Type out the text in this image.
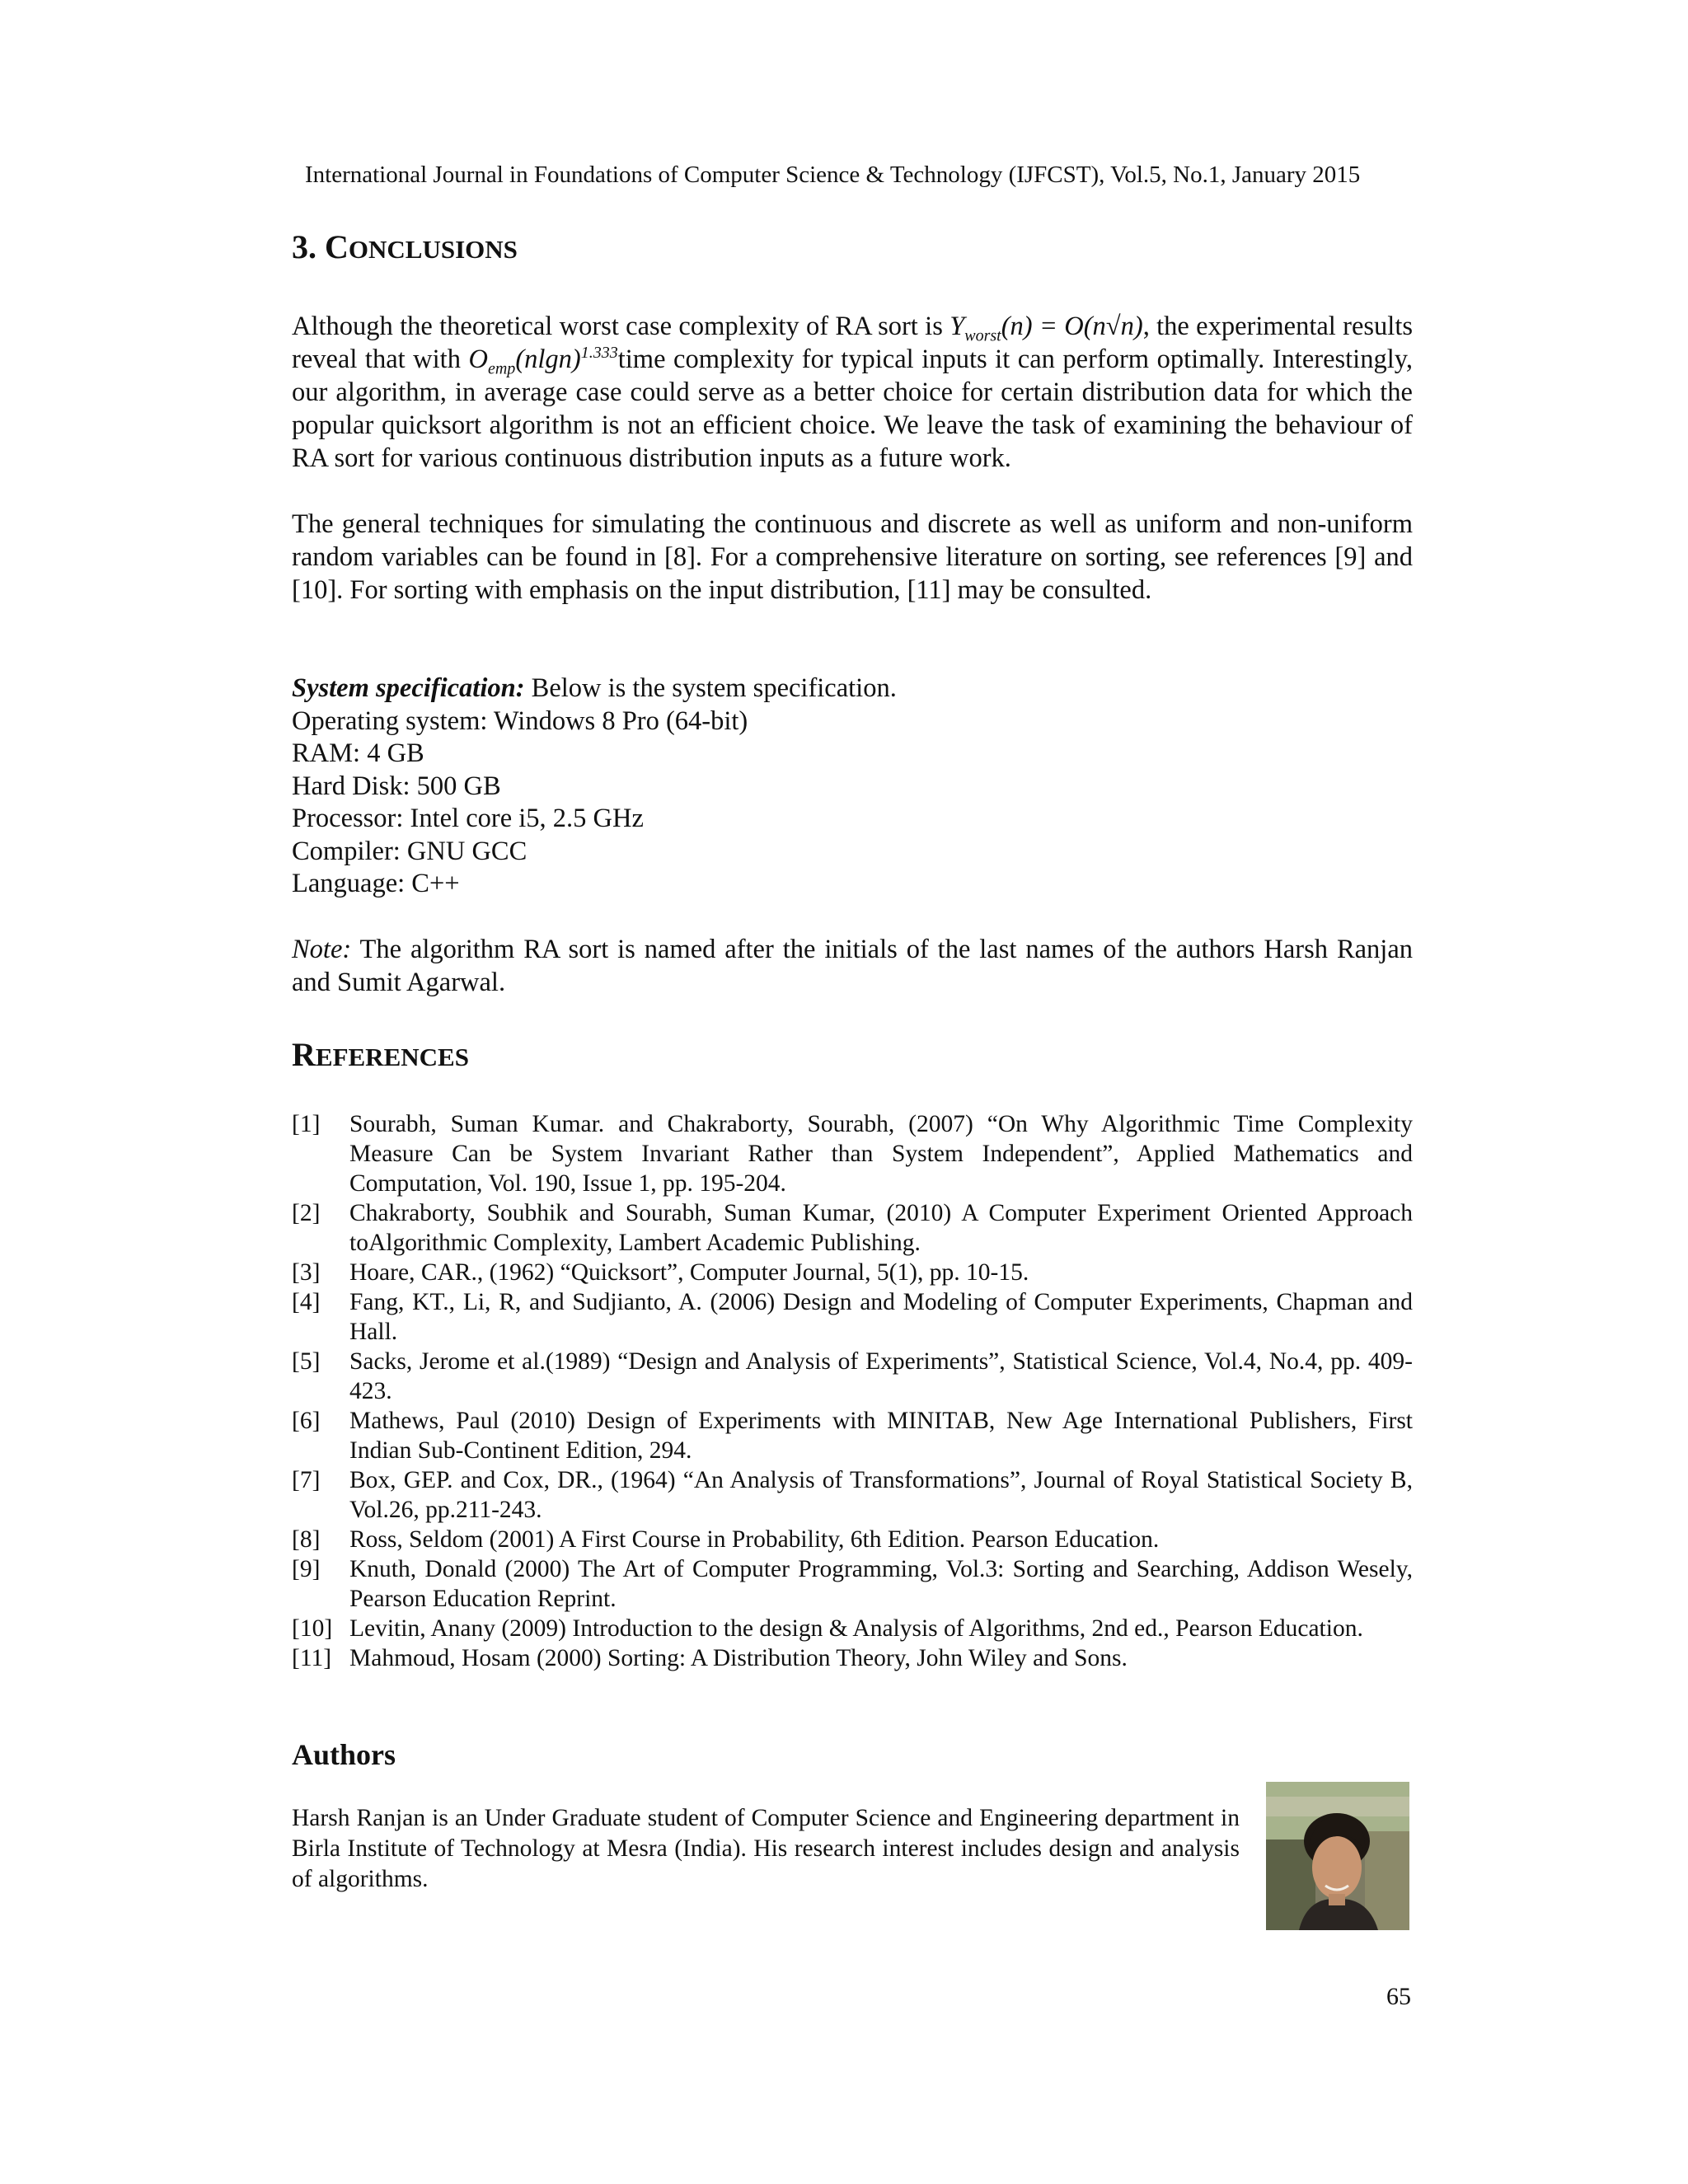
International Journal in Foundations of Computer Science & Technology (IJFCST), Vol.5, No.1, January 2015
3. CONCLUSIONS

Although the theoretical worst case complexity of RA sort is $Y_{worst}(n) = O(n√n)$, the experimental results reveal that with $O_{emp}(nlgn)^{1.333}time$ complexity for typical inputs it can perform optimally. Interestingly, our algorithm, in average case could serve as a better choice for certain distribution data for which the popular quicksort algorithm is not an efficient choice. We leave the task of examining the behaviour of RA sort for various continuous distribution inputs as a future work.

The general techniques for simulating the continuous and discrete as well as uniform and non-uniform random variables can be found in [8]. For a comprehensive literature on sorting, see references [9] and [10]. For sorting with emphasis on the input distribution, [11] may be consulted.

System specification: Below is the system specification.
Operating system: Windows 8 Pro (64-bit)
RAM: 4 GB
Hard Disk: 500 GB
Processor: Intel core i5, 2.5 GHz
Compiler: GNU GCC
Language: C++

Note: The algorithm RA sort is named after the initials of the last names of the authors Harsh Ranjan and Sumit Agarwal.

REFERENCES
[1] Sourabh, Suman Kumar. and Chakraborty, Sourabh, (2007) “On Why Algorithmic Time Complexity Measure Can be System Invariant Rather than System Independent”, Applied Mathematics and Computation, Vol. 190, Issue 1, pp. 195-204.
[2] Chakraborty, Soubhik and Sourabh, Suman Kumar, (2010) A Computer Experiment Oriented Approach toAlgorithmic Complexity, Lambert Academic Publishing.
[3] Hoare, CAR., (1962) “Quicksort”, Computer Journal, 5(1), pp. 10-15.
[4] Fang, KT., Li, R, and Sudjianto, A. (2006) Design and Modeling of Computer Experiments, Chapman and Hall.
[5] Sacks, Jerome et al.(1989) “Design and Analysis of Experiments”, Statistical Science, Vol.4, No.4, pp. 409-423.
[6] Mathews, Paul (2010) Design of Experiments with MINITAB, New Age International Publishers, First Indian Sub-Continent Edition, 294.
[7] Box, GEP. and Cox, DR., (1964) “An Analysis of Transformations”, Journal of Royal Statistical Society B, Vol.26, pp.211-243.
[8] Ross, Seldom (2001) A First Course in Probability, 6th Edition. Pearson Education.
[9] Knuth, Donald (2000) The Art of Computer Programming, Vol.3: Sorting and Searching, Addison Wesely, Pearson Education Reprint.
[10] Levitin, Anany (2009) Introduction to the design & Analysis of Algorithms, 2nd ed., Pearson Education.
[11] Mahmoud, Hosam (2000) Sorting: A Distribution Theory, John Wiley and Sons.
Authors

Harsh Ranjan is an Under Graduate student of Computer Science and Engineering department in Birla Institute of Technology at Mesra (India). His research interest includes design and analysis of algorithms.

65
